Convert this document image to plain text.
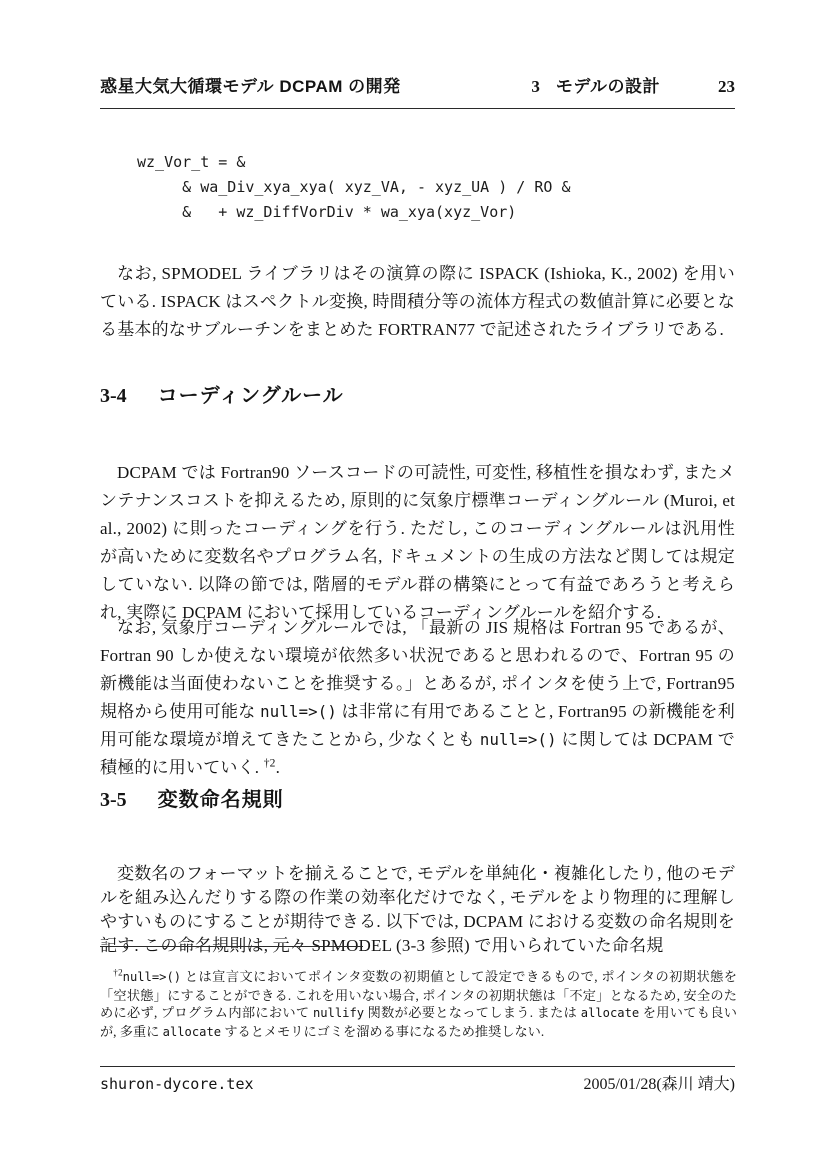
惑星大気大循環モデル DCPAM の開発	3 モデルの設計	23
wz_Vor_t = &
& wa_Div_xya_xya( xyz_VA, - xyz_UA ) / RO &
&   + wz_DiffVorDiv * wa_xya(xyz_Vor)

なお, SPMODEL ライブラリはその演算の際に ISPACK (Ishioka, K., 2002) を用いている. ISPACK はスペクトル変換, 時間積分等の流体方程式の数値計算に必要となる基本的なサブルーチンをまとめた FORTRAN77 で記述されたライブラリである.

3-4 コーディングルール

DCPAM では Fortran90 ソースコードの可読性, 可変性, 移植性を損なわず, またメンテナンスコストを抑えるため, 原則的に気象庁標準コーディングルール (Muroi, et al., 2002) に則ったコーディングを行う. ただし, このコーディングルールは汎用性が高いために変数名やプログラム名, ドキュメントの生成の方法など関しては規定していない. 以降の節では, 階層的モデル群の構築にとって有益であろうと考えられ, 実際に DCPAM において採用しているコーディングルールを紹介する.

なお, 気象庁コーディングルールでは, 「最新の JIS 規格は Fortran 95 であるが、Fortran 90 しか使えない環境が依然多い状況であると思われるので、Fortran 95 の新機能は当面使わないことを推奨する。」とあるが, ポインタを使う上で, Fortran95 規格から使用可能な null=>() は非常に有用であることと, Fortran95 の新機能を利用可能な環境が増えてきたことから, 少なくとも null=>() に関しては DCPAM で積極的に用いていく. $^{\dagger 2}$.

3-5 変数命名規則

変数名のフォーマットを揃えることで, モデルを単純化・複雑化したり, 他のモデルを組み込んだりする際の作業の効率化だけでなく, モデルをより物理的に理解しやすいものにすることが期待できる. 以下では, DCPAM における変数の命名規則を記す. この命名規則は, 元々 SPMODEL (3-3 参照) で用いられていた命名規

$^{\dagger 2}$null=>() とは宣言文においてポインタ変数の初期値として設定できるもので, ポインタの初期状態を「空状態」にすることができる. これを用いない場合, ポインタの初期状態は「不定」となるため, 安全のために必ず, プログラム内部において nullify 関数が必要となってしまう. または allocate を用いても良いが, 多重に allocate するとメモリにゴミを溜める事になるため推奨しない.

shuron-dycore.tex	2005/01/28(森川 靖大)
